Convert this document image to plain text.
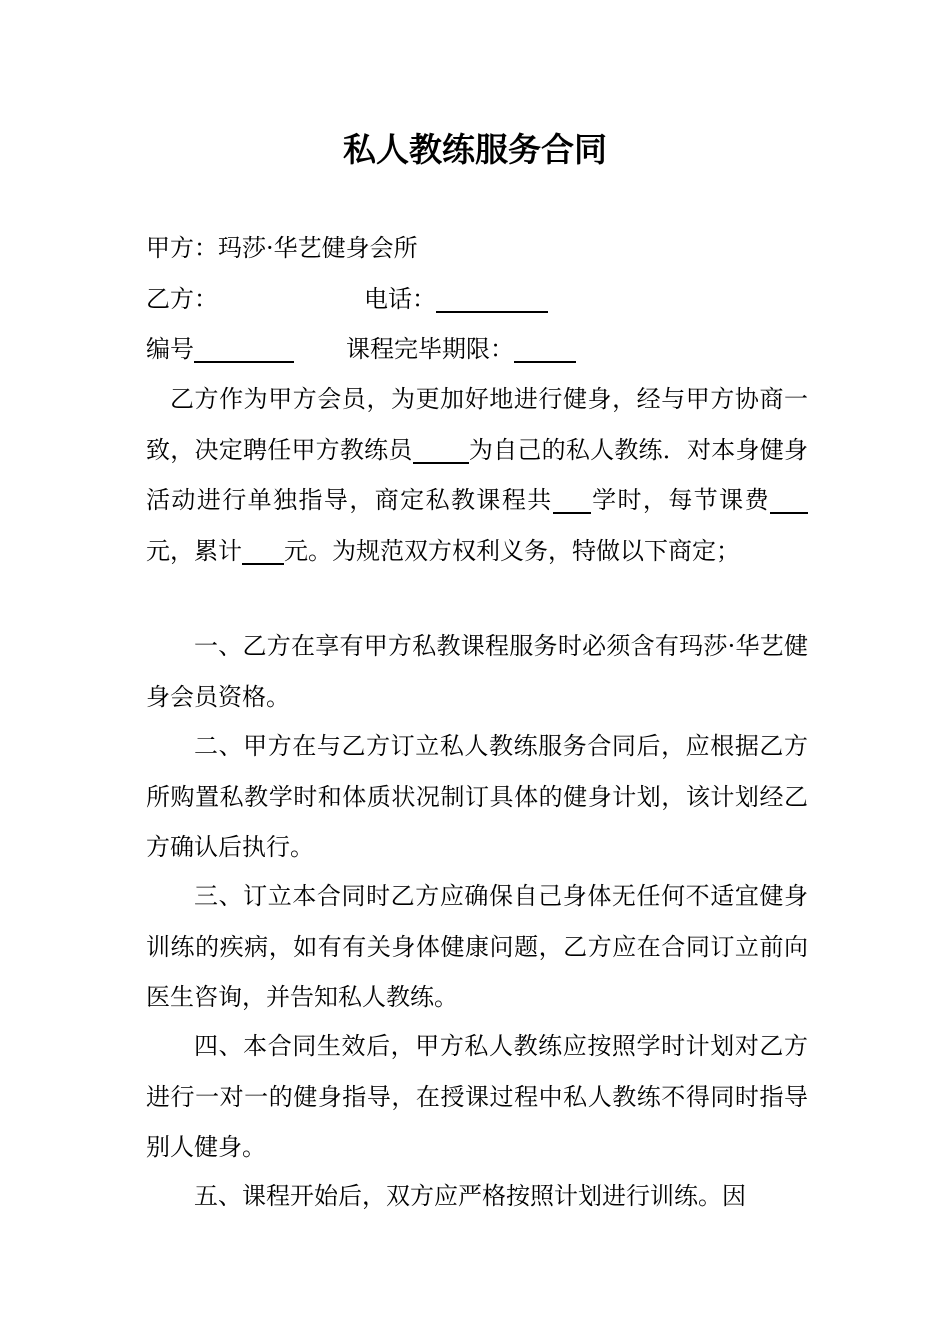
私人教练服务合同
甲方：玛莎·华艺健身会所
乙方：	电话：
编号	课程完毕期限：
乙方作为甲方会员，为更加好地进行健身，经与甲方协商一致，决定聘任甲方教练员 为自己的私人教练．对本身健身活动进行单独指导，商定私教课程共 学时，每节课费元，累计 元。为规范双方权利义务，特做以下商定；
一、乙方在享有甲方私教课程服务时必须含有玛莎·华艺健身会员资格。
二、甲方在与乙方订立私人教练服务合同后，应根据乙方所购置私教学时和体质状况制订具体的健身计划，该计划经乙方确认后执行。
三、订立本合同时乙方应确保自己身体无任何不适宜健身训练的疾病，如有有关身体健康问题，乙方应在合同订立前向医生咨询，并告知私人教练。
四、本合同生效后，甲方私人教练应按照学时计划对乙方进行一对一的健身指导，在授课过程中私人教练不得同时指导别人健身。
五、课程开始后，双方应严格按照计划进行训练。因
